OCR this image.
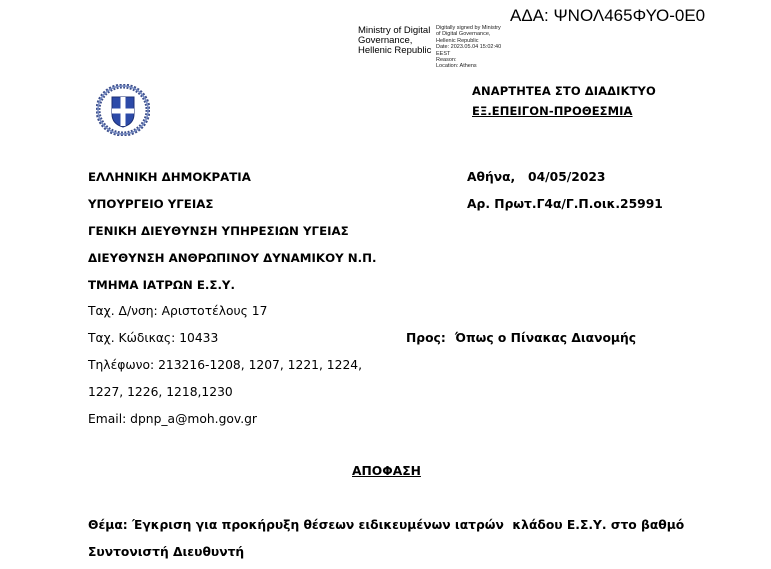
ΑΔΑ: ΨΝΟΛ465ΦΥΟ-0Ε0
Ministry of Digital Governance, Hellenic Republic
Digitally signed by Ministry
of Digital Governance,
Hellenic Republic
Date: 2023.05.04 15:02:40
EEST
Reason:
Location: Athens
ΑΝΑΡΤΗΤΕΑ ΣΤΟ ΔΙΑΔΙΚΤΥΟ
ΕΞ.ΕΠΕΙΓΟΝ-ΠΡΟΘΕΣΜΙΑ
ΕΛΛΗΝΙΚΗ ΔΗΜΟΚΡΑΤΙΑ
ΥΠΟΥΡΓΕΙΟ ΥΓΕΙΑΣ
ΓΕΝΙΚΗ ΔΙΕΥΘΥΝΣΗ ΥΠΗΡΕΣΙΩΝ ΥΓΕΙΑΣ
ΔΙΕΥΘΥΝΣΗ ΑΝΘΡΩΠΙΝΟΥ ΔΥΝΑΜΙΚΟΥ Ν.Π.
ΤΜΗΜΑ ΙΑΤΡΩΝ Ε.Σ.Υ.
Ταχ. Δ/νση: Αριστοτέλους 17
Ταχ. Κώδικας: 10433
Τηλέφωνο: 213216-1208, 1207, 1221, 1224,
1227, 1226, 1218,1230
Email: dpnp_a@moh.gov.gr
Αθήνα,   04/05/2023
Αρ. Πρωτ.Γ4α/Γ.Π.οικ.25991
Προς: Όπως ο Πίνακας Διανομής
ΑΠΟΦΑΣΗ
Θέμα: Έγκριση για προκήρυξη θέσεων ειδικευμένων ιατρών  κλάδου Ε.Σ.Υ. στο βαθμό
Συντονιστή Διευθυντή
